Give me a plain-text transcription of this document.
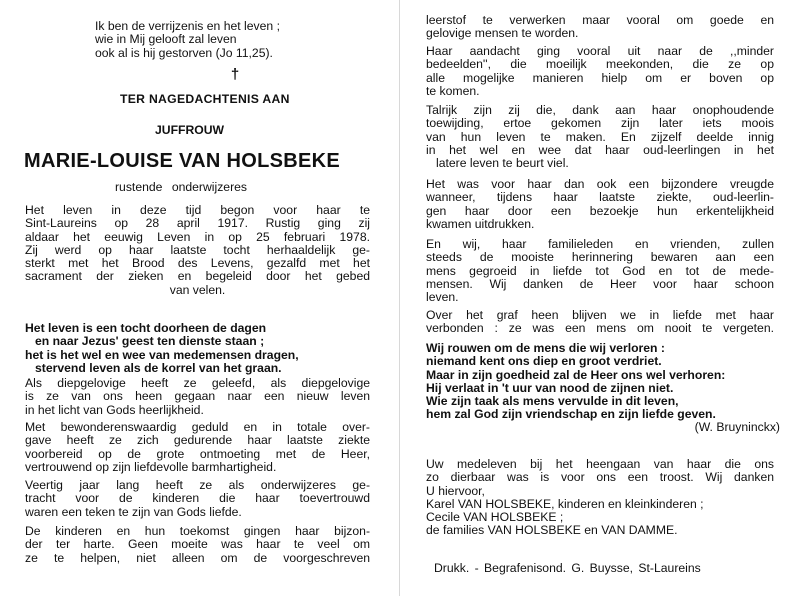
Ik ben de verrijzenis en het leven ;
wie in Mij gelooft zal leven
ook al is hij gestorven (Jo 11,25).
†
TER NAGEDACHTENIS AAN
JUFFROUW
MARIE-LOUISE VAN HOLSBEKE
rustende onderwijzeres
Het leven in deze tijd begon voor haar te
Sint-Laureins op 28 april 1917. Rustig ging zij
aldaar het eeuwig Leven in op 25 februari 1978.
Zij werd op haar laatste tocht herhaaldelijk ge-
sterkt met het Brood des Levens, gezalfd met het
sacrament der zieken en begeleid door het gebed
van velen.
Het leven is een tocht doorheen de dagen
en naar Jezus' geest ten dienste staan ;
het is het wel en wee van medemensen dragen,
stervend leven als de korrel van het graan.
Als diepgelovige heeft ze geleefd, als diepgelovige
is ze van ons heen gegaan naar een nieuw leven
in het licht van Gods heerlijkheid.
Met bewonderenswaardig geduld en in totale over-
gave heeft ze zich gedurende haar laatste ziekte
voorbereid op de grote ontmoeting met de Heer,
vertrouwend op zijn liefdevolle barmhartigheid.
Veertig jaar lang heeft ze als onderwijzeres ge-
tracht voor de kinderen die haar toevertrouwd
waren een teken te zijn van Gods liefde.
De kinderen en hun toekomst gingen haar bijzon-
der ter harte. Geen moeite was haar te veel om
ze te helpen, niet alleen om de voorgeschreven
leerstof te verwerken maar vooral om goede en
gelovige mensen te worden.
Haar aandacht ging vooral uit naar de ,,minder
bedeelden'', die moeilijk meekonden, die ze op
alle mogelijke manieren hielp om er boven op
te komen.
Talrijk zijn zij die, dank aan haar onophoudende
toewijding, ertoe gekomen zijn later iets moois
van hun leven te maken. En zijzelf deelde innig
in het wel en wee dat haar oud-leerlingen in het
latere leven te beurt viel.
Het was voor haar dan ook een bijzondere vreugde
wanneer, tijdens haar laatste ziekte, oud-leerlin-
gen haar door een bezoekje hun erkentelijkheid
kwamen uitdrukken.
En wij, haar familieleden en vrienden, zullen
steeds de mooiste herinnering bewaren aan een
mens gegroeid in liefde tot God en tot de mede-
mensen. Wij danken de Heer voor haar schoon
leven.
Over het graf heen blijven we in liefde met haar
verbonden : ze was een mens om nooit te vergeten.
Wij rouwen om de mens die wij verloren :
niemand kent ons diep en groot verdriet.
Maar in zijn goedheid zal de Heer ons wel verhoren:
Hij verlaat in 't uur van nood de zijnen niet.
Wie zijn taak als mens vervulde in dit leven,
hem zal God zijn vriendschap en zijn liefde geven.
(W. Bruyninckx)
Uw medeleven bij het heengaan van haar die ons
zo dierbaar was is voor ons een troost. Wij danken
U hiervoor,
Karel VAN HOLSBEKE, kinderen en kleinkinderen ;
Cecile VAN HOLSBEKE ;
de families VAN HOLSBEKE en VAN DAMME.
Drukk. - Begrafenisond. G. Buysse, St-Laureins
